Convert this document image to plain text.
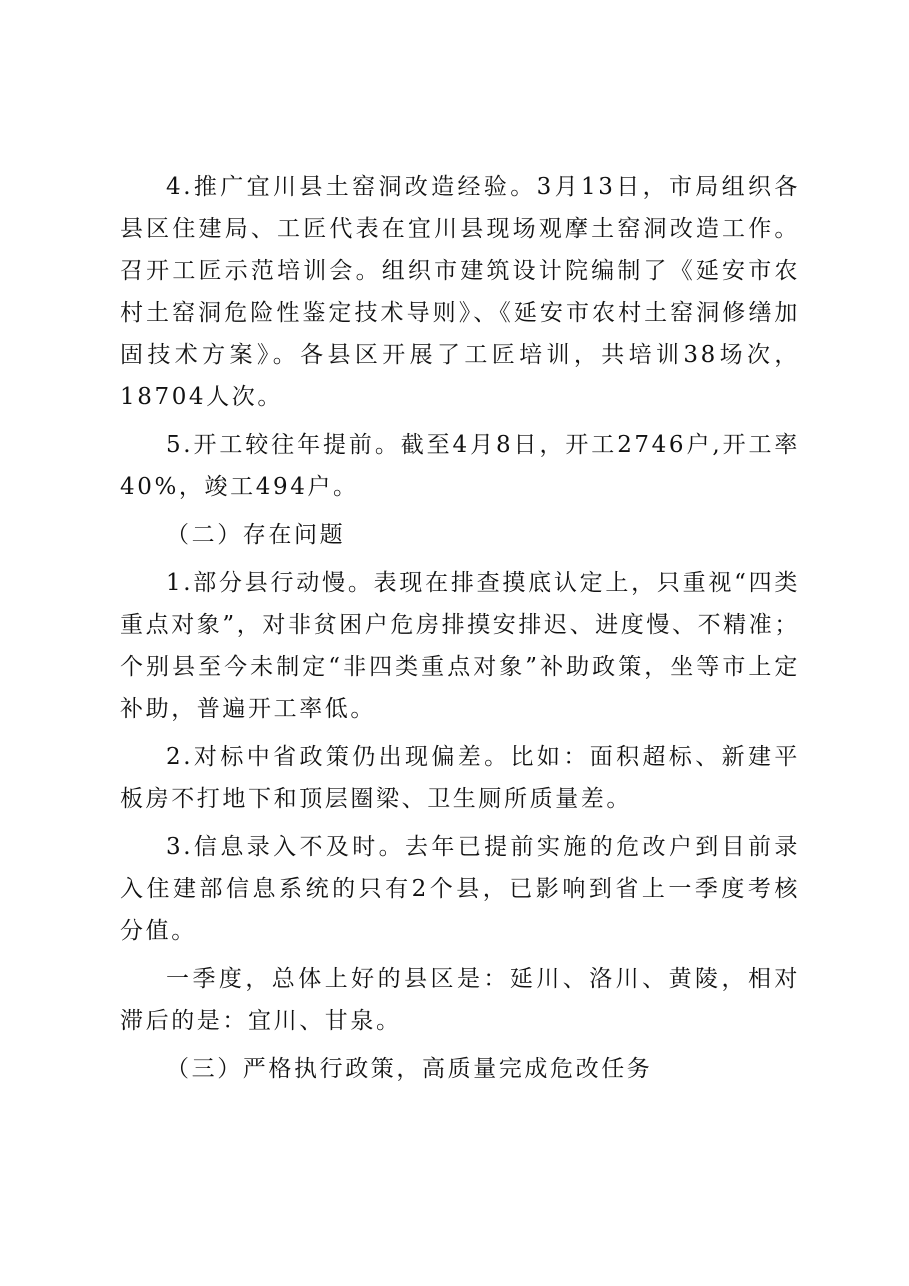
4.推广宜川县土窑洞改造经验。3月13日，市局组织各县区住建局、工匠代表在宜川县现场观摩土窑洞改造工作。召开工匠示范培训会。组织市建筑设计院编制了《延安市农村土窑洞危险性鉴定技术导则》、《延安市农村土窑洞修缮加固技术方案》。各县区开展了工匠培训，共培训38场次，18704人次。

5.开工较往年提前。截至4月8日，开工2746户,开工率40%，竣工494户。

（二）存在问题

1.部分县行动慢。表现在排查摸底认定上，只重视“四类重点对象”，对非贫困户危房排摸安排迟、进度慢、不精准；个别县至今未制定“非四类重点对象”补助政策，坐等市上定补助，普遍开工率低。

2.对标中省政策仍出现偏差。比如：面积超标、新建平板房不打地下和顶层圈梁、卫生厕所质量差。

3.信息录入不及时。去年已提前实施的危改户到目前录入住建部信息系统的只有2个县，已影响到省上一季度考核分值。

一季度，总体上好的县区是：延川、洛川、黄陵，相对滞后的是：宜川、甘泉。

（三）严格执行政策，高质量完成危改任务
